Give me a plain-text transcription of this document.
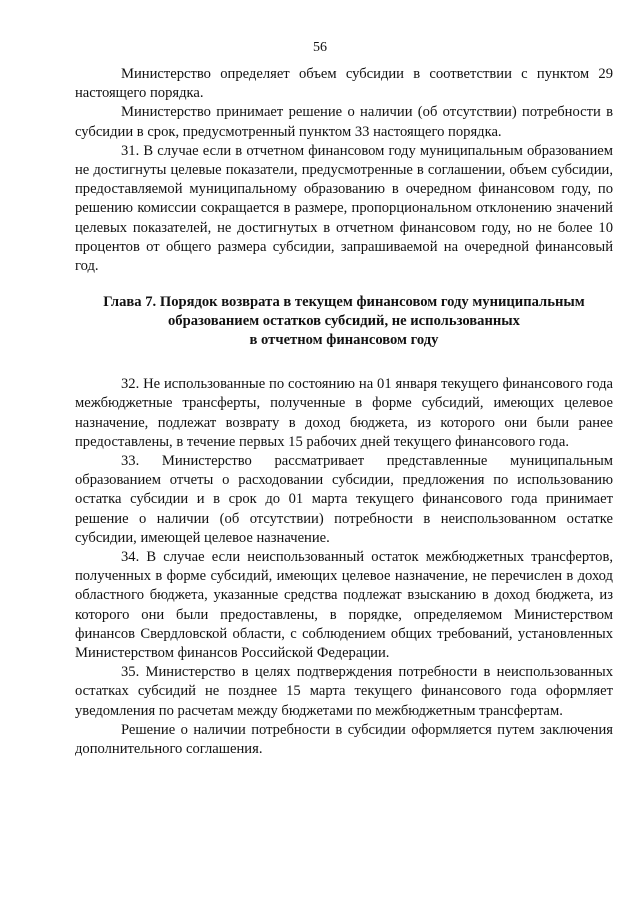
56

Министерство определяет объем субсидии в соответствии с пунктом 29 настоящего порядка.

Министерство принимает решение о наличии (об отсутствии) потребности в субсидии в срок, предусмотренный пунктом 33 настоящего порядка.

31. В случае если в отчетном финансовом году муниципальным образованием не достигнуты целевые показатели, предусмотренные в соглашении, объем субсидии, предоставляемой муниципальному образованию в очередном финансовом году, по решению комиссии сокращается в размере, пропорциональном отклонению значений целевых показателей, не достигнутых в отчетном финансовом году, но не более 10 процентов от общего размера субсидии, запрашиваемой на очередной финансовый год.

Глава 7. Порядок возврата в текущем финансовом году муниципальным
образованием остатков субсидий, не использованных
в отчетном финансовом году

32. Не использованные по состоянию на 01 января текущего финансового года межбюджетные трансферты, полученные в форме субсидий, имеющих целевое назначение, подлежат возврату в доход бюджета, из которого они были ранее предоставлены, в течение первых 15 рабочих дней текущего финансового года.

33. Министерство рассматривает представленные муниципальным образованием отчеты о расходовании субсидии, предложения по использованию остатка субсидии и в срок до 01 марта текущего финансового года принимает решение о наличии (об отсутствии) потребности в неиспользованном остатке субсидии, имеющей целевое назначение.

34. В случае если неиспользованный остаток межбюджетных трансфертов, полученных в форме субсидий, имеющих целевое назначение, не перечислен в доход областного бюджета, указанные средства подлежат взысканию в доход бюджета, из которого они были предоставлены, в порядке, определяемом Министерством финансов Свердловской области, с соблюдением общих требований, установленных Министерством финансов Российской Федерации.

35. Министерство в целях подтверждения потребности в неиспользованных остатках субсидий не позднее 15 марта текущего финансового года оформляет уведомления по расчетам между бюджетами по межбюджетным трансфертам.

Решение о наличии потребности в субсидии оформляется путем заключения дополнительного соглашения.
